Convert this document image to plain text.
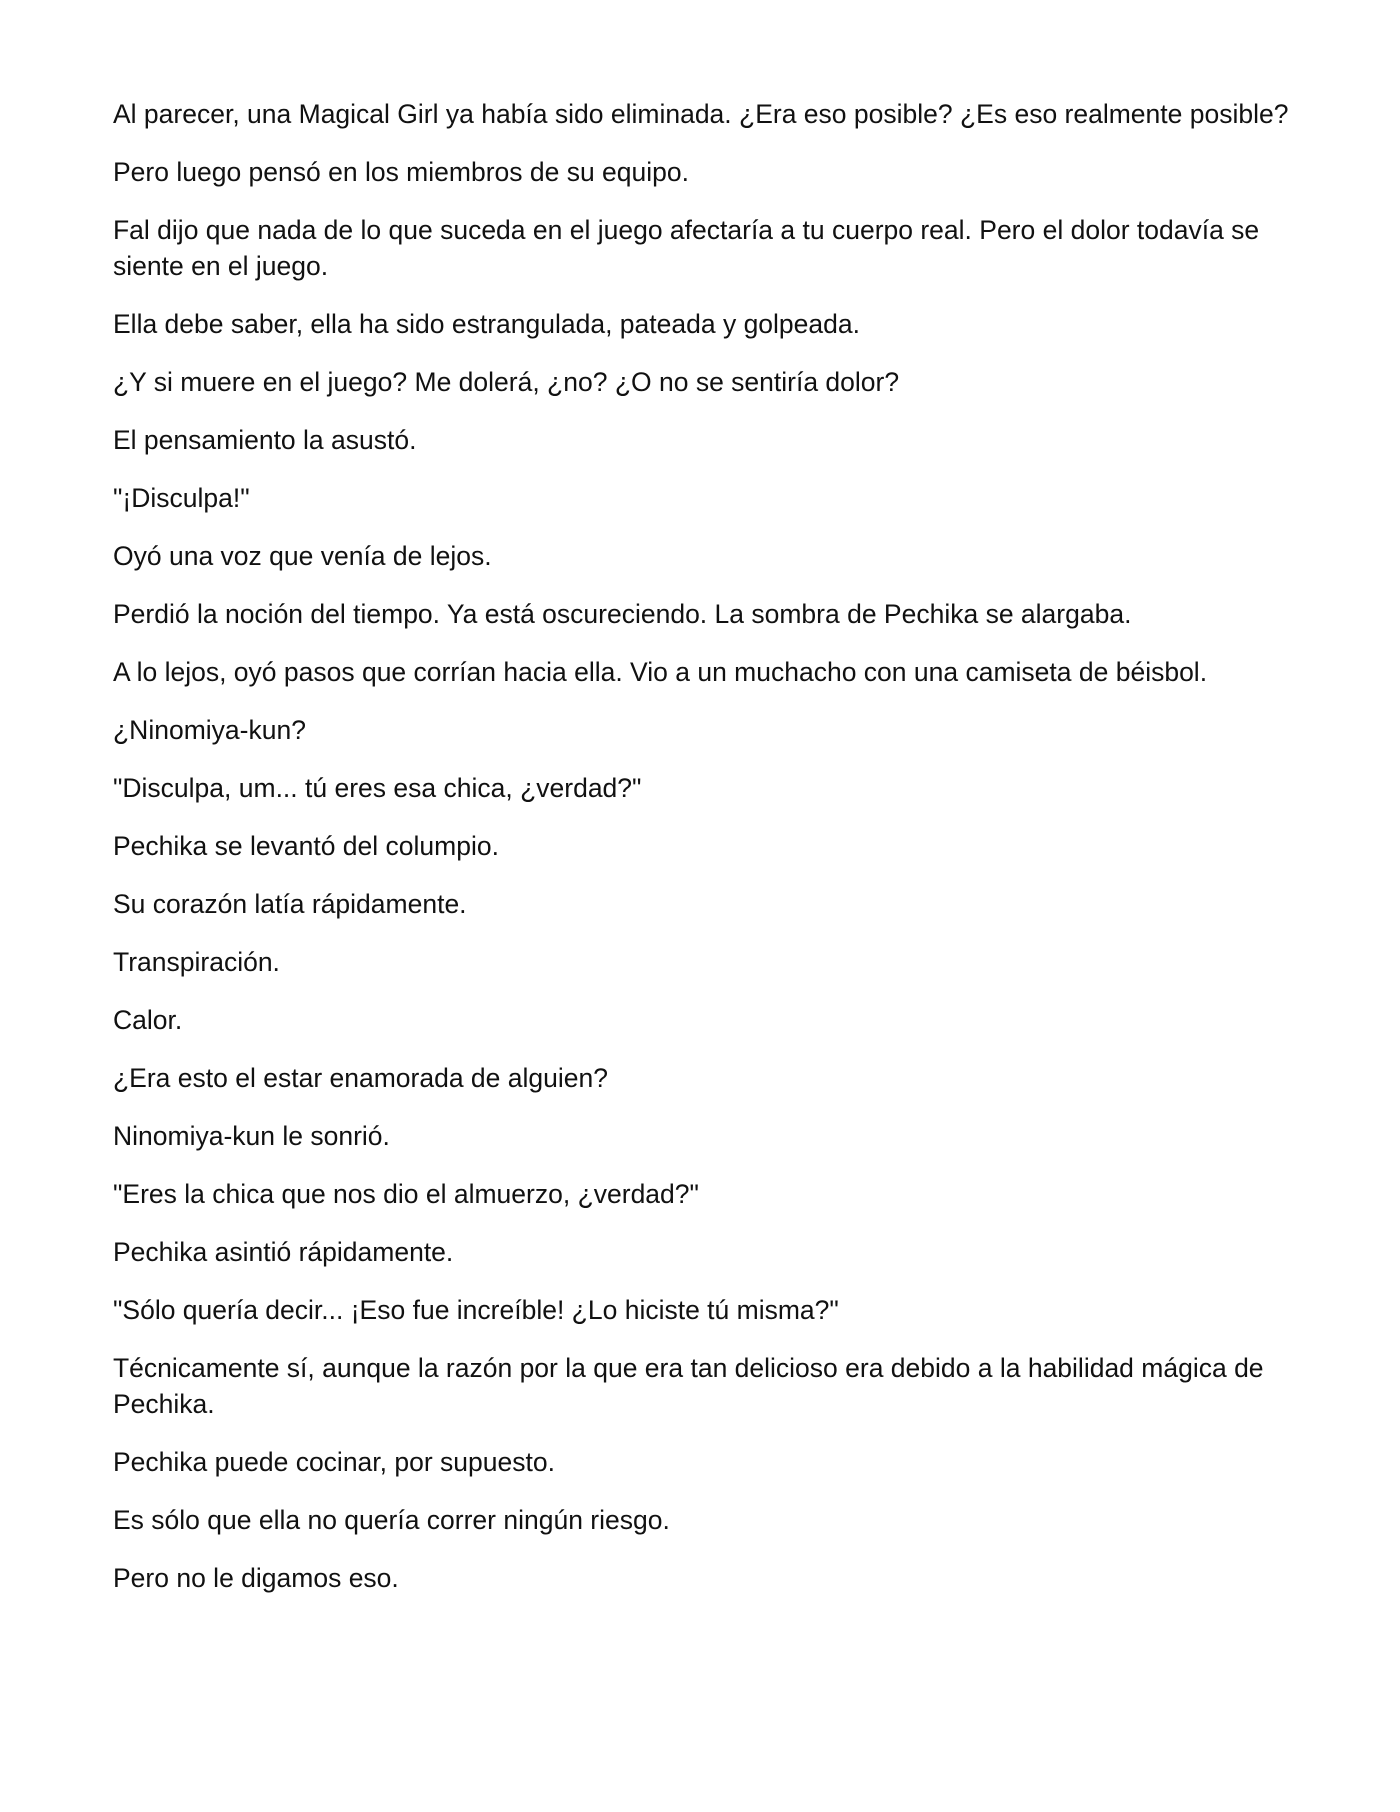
Al parecer, una Magical Girl ya había sido eliminada. ¿Era eso posible? ¿Es eso realmente posible?

Pero luego pensó en los miembros de su equipo.

Fal dijo que nada de lo que suceda en el juego afectaría a tu cuerpo real. Pero el dolor todavía se siente en el juego.

Ella debe saber, ella ha sido estrangulada, pateada y golpeada.

¿Y si muere en el juego? Me dolerá, ¿no? ¿O no se sentiría dolor?

El pensamiento la asustó.

"¡Disculpa!"

Oyó una voz que venía de lejos.

Perdió la noción del tiempo. Ya está oscureciendo. La sombra de Pechika se alargaba.

A lo lejos, oyó pasos que corrían hacia ella. Vio a un muchacho con una camiseta de béisbol.

¿Ninomiya-kun?

"Disculpa, um... tú eres esa chica, ¿verdad?"

Pechika se levantó del columpio.

Su corazón latía rápidamente.

Transpiración.

Calor.

¿Era esto el estar enamorada de alguien?

Ninomiya-kun le sonrió.

"Eres la chica que nos dio el almuerzo, ¿verdad?"

Pechika asintió rápidamente.

"Sólo quería decir... ¡Eso fue increíble! ¿Lo hiciste tú misma?"

Técnicamente sí, aunque la razón por la que era tan delicioso era debido a la habilidad mágica de Pechika.

Pechika puede cocinar, por supuesto.

Es sólo que ella no quería correr ningún riesgo.

Pero no le digamos eso.
